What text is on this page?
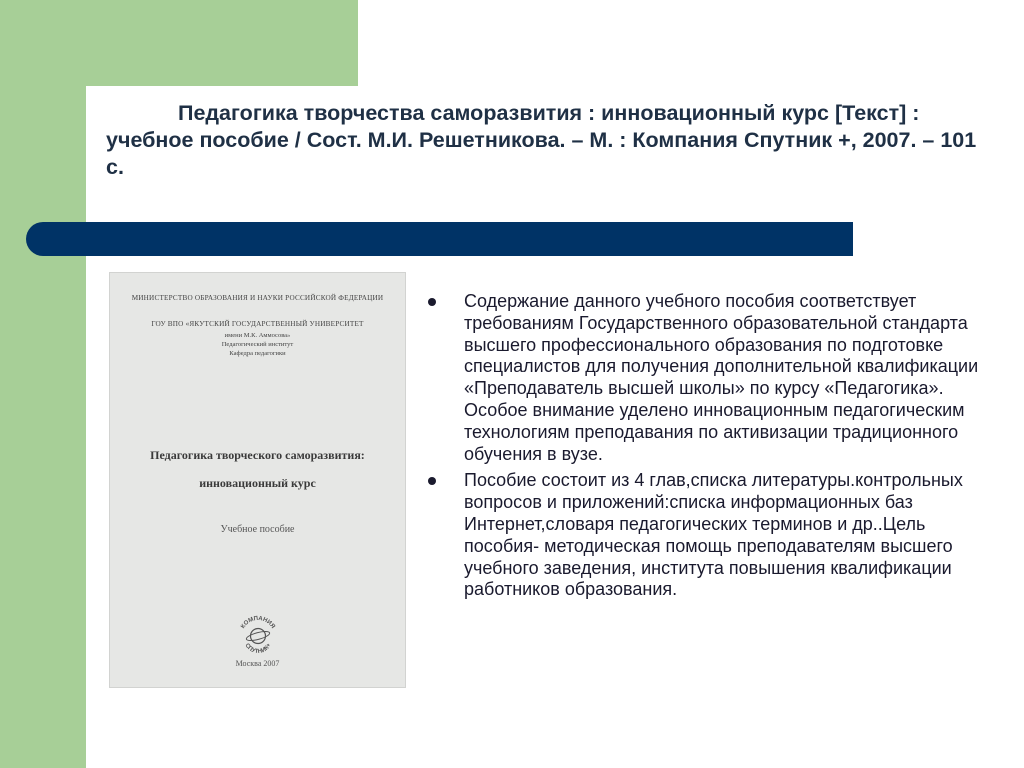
Педагогика творчества саморазвития : инновационный курс [Текст] : учебное пособие / Сост. М.И. Решетникова. – М. : Компания Спутник +, 2007. – 101 с.

МИНИСТЕРСТВО ОБРАЗОВАНИЯ И НАУКИ РОССИЙСКОЙ ФЕДЕРАЦИИ
ГОУ ВПО «ЯКУТСКИЙ ГОСУДАРСТВЕННЫЙ УНИВЕРСИТЕТ
имени М.К. Аммосова»
Педагогический институт
Кафедра педагогики
Педагогика творческого саморазвития:
инновационный курс
Учебное пособие
КОМПАНИЯ
СПУТНИК+
Москва 2007
Содержание данного учебного пособия соответствует требованиям Государственного образовательной стандарта высшего профессионального образования по подготовке специалистов для получения дополнительной квалификации «Преподаватель высшей школы» по курсу «Педагогика». Особое внимание уделено инновационным педагогическим технологиям преподавания по активизации традиционного обучения в вузе.
Пособие состоит из 4 глав,списка литературы.контрольных вопросов и приложений:списка информационных баз Интернет,словаря педагогических терминов и др..Цель пособия- методическая помощь преподавателям высшего учебного заведения, института повышения квалификации работников образования.
